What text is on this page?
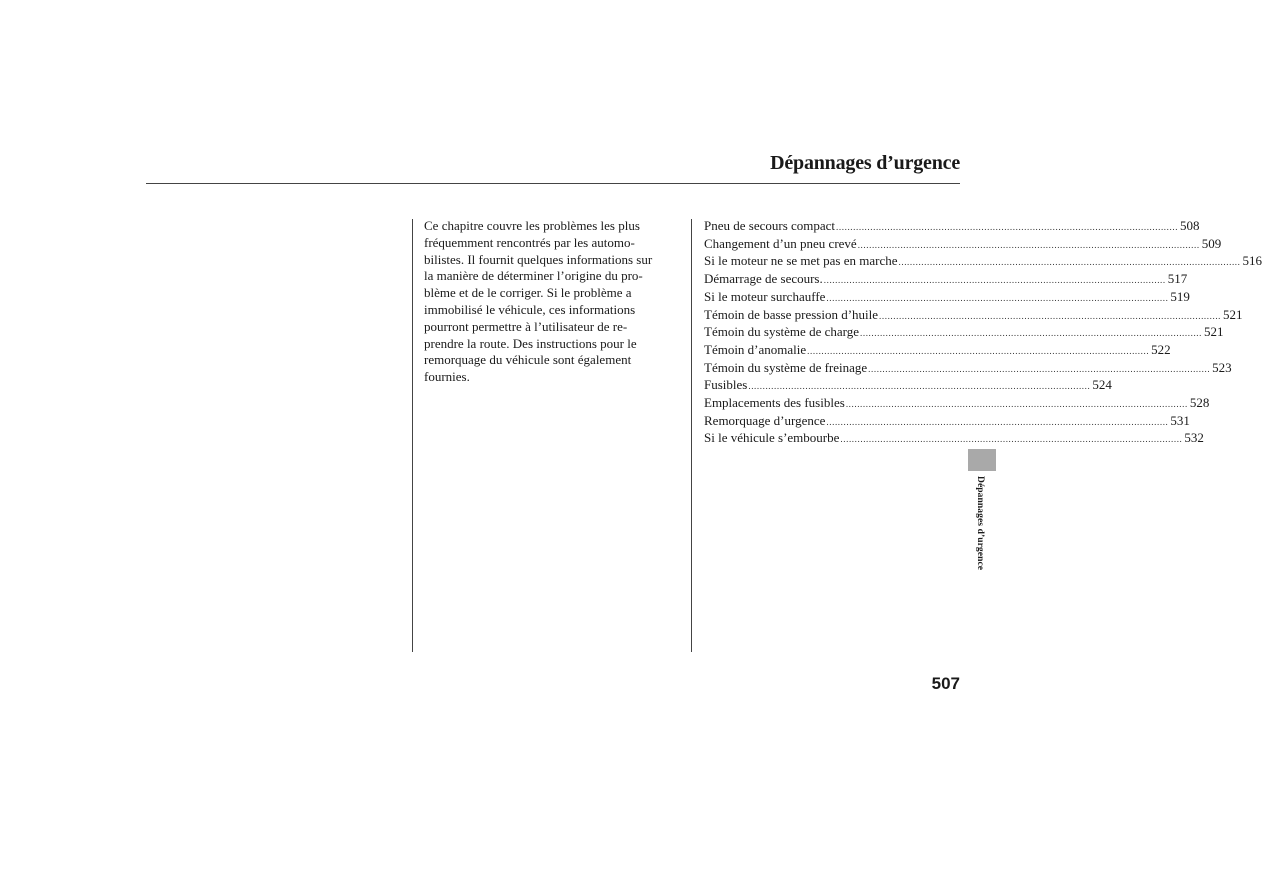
Dépannages d’urgence

Ce chapitre couvre les problèmes les plus
fréquemment rencontrés par les automo-
bilistes. Il fournit quelques informations sur
la manière de déterminer l’origine du pro-
blème et de le corriger. Si le problème a
immobilisé le véhicule, ces informations
pourront permettre à l’utilisateur de re-
prendre la route. Des instructions pour le
remorquage du véhicule sont également
fournies.

Pneu de secours compact ........................................................................................................................ 508
Changement d’un pneu crevé ........................................................................................................................ 509
Si le moteur ne se met pas en marche ........................................................................................................................ 516
Démarrage de secours. ........................................................................................................................ 517
Si le moteur surchauffe ........................................................................................................................ 519
Témoin de basse pression d’huile ........................................................................................................................ 521
Témoin du système de charge ........................................................................................................................ 521
Témoin d’anomalie ........................................................................................................................ 522
Témoin du système de freinage ........................................................................................................................ 523
Fusibles ........................................................................................................................ 524
Emplacements des fusibles ........................................................................................................................ 528
Remorquage d’urgence ........................................................................................................................ 531
Si le véhicule s’embourbe ........................................................................................................................ 532
Dépannages d’urgence
507
